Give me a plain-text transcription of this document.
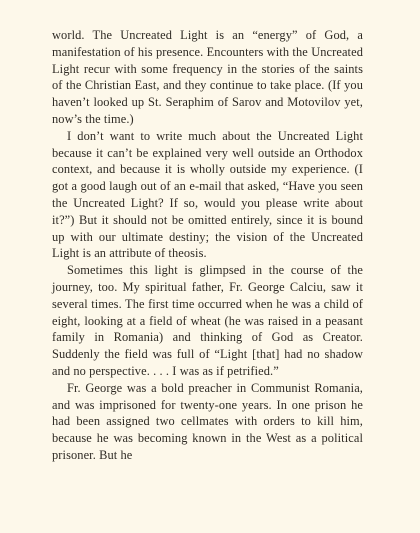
world. The Uncreated Light is an “energy” of God, a manifestation of his presence. Encounters with the Uncreated Light recur with some frequency in the stories of the saints of the Christian East, and they continue to take place. (If you haven’t looked up St. Seraphim of Sarov and Motovilov yet, now’s the time.)

I don’t want to write much about the Uncreated Light because it can’t be explained very well outside an Orthodox context, and because it is wholly outside my experience. (I got a good laugh out of an e-mail that asked, “Have you seen the Uncreated Light? If so, would you please write about it?”) But it should not be omitted entirely, since it is bound up with our ultimate destiny; the vision of the Uncreated Light is an attribute of theosis.

Sometimes this light is glimpsed in the course of the journey, too. My spiritual father, Fr. George Calciu, saw it several times. The first time occurred when he was a child of eight, looking at a field of wheat (he was raised in a peasant family in Romania) and thinking of God as Creator. Suddenly the field was full of “Light [that] had no shadow and no perspective. . . . I was as if petrified.”

Fr. George was a bold preacher in Communist Romania, and was imprisoned for twenty-one years. In one prison he had been assigned two cellmates with orders to kill him, because he was becoming known in the West as a political prisoner. But he
